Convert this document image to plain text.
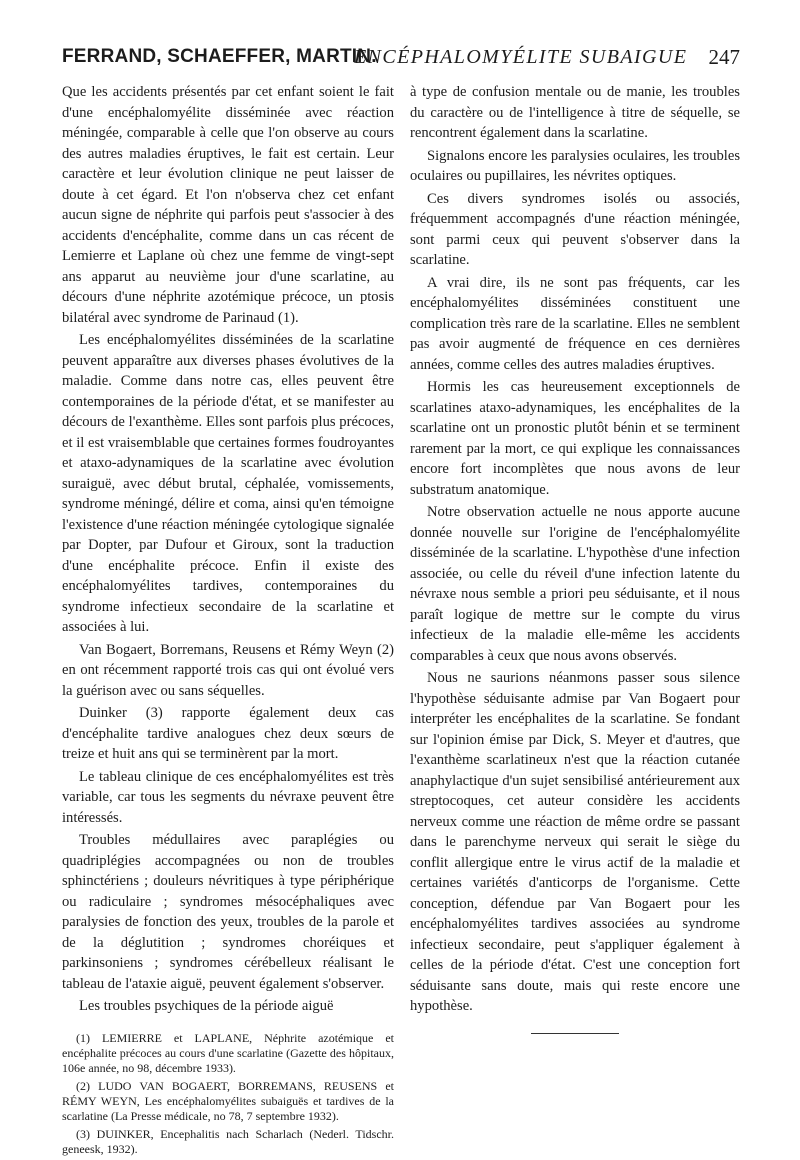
FERRAND, SCHAEFFER, MARTIN.
ENCÉPHALOMYÉLITE SUBAIGUE 247

Que les accidents présentés par cet enfant soient le fait d'une encéphalomyélite disséminée avec réaction méningée, comparable à celle que l'on observe au cours des autres maladies éruptives, le fait est certain. Leur caractère et leur évolution clinique ne peut laisser de doute à cet égard. Et l'on n'observa chez cet enfant aucun signe de néphrite qui parfois peut s'associer à des accidents d'encéphalite, comme dans un cas récent de Lemierre et Laplane où chez une femme de vingt-sept ans apparut au neuvième jour d'une scarlatine, au décours d'une néphrite azotémique précoce, un ptosis bilatéral avec syndrome de Parinaud (1).

Les encéphalomyélites disséminées de la scarlatine peuvent apparaître aux diverses phases évolutives de la maladie. Comme dans notre cas, elles peuvent être contemporaines de la période d'état, et se manifester au décours de l'exanthème. Elles sont parfois plus précoces, et il est vraisemblable que certaines formes foudroyantes et ataxo-adynamiques de la scarlatine avec évolution suraiguë, avec début brutal, céphalée, vomissements, syndrome méningé, délire et coma, ainsi qu'en témoigne l'existence d'une réaction méningée cytologique signalée par Dopter, par Dufour et Giroux, sont la traduction d'une encéphalite précoce. Enfin il existe des encéphalomyélites tardives, contemporaines du syndrome infectieux secondaire de la scarlatine et associées à lui.

Van Bogaert, Borremans, Reusens et Rémy Weyn (2) en ont récemment rapporté trois cas qui ont évolué vers la guérison avec ou sans séquelles.

Duinker (3) rapporte également deux cas d'encéphalite tardive analogues chez deux sœurs de treize et huit ans qui se terminèrent par la mort.

Le tableau clinique de ces encéphalomyélites est très variable, car tous les segments du névraxe peuvent être intéressés.

Troubles médullaires avec paraplégies ou quadriplégies accompagnées ou non de troubles sphinctériens ; douleurs névritiques à type périphérique ou radiculaire ; syndromes mésocéphaliques avec paralysies de fonction des yeux, troubles de la parole et de la déglutition ; syndromes choréiques et parkinsoniens ; syndromes cérébelleux réalisant le tableau de l'ataxie aiguë, peuvent également s'observer.

Les troubles psychiques de la période aiguë

(1) LEMIERRE et LAPLANE, Néphrite azotémique et encéphalite précoces au cours d'une scarlatine (Gazette des hôpitaux, 106e année, no 98, décembre 1933).

(2) LUDO VAN BOGAERT, BORREMANS, REUSENS et RÉMY WEYN, Les encéphalomyélites subaiguës et tardives de la scarlatine (La Presse médicale, no 78, 7 septembre 1932).

(3) DUINKER, Encephalitis nach Scharlach (Nederl. Tidschr. geneesk, 1932).

à type de confusion mentale ou de manie, les troubles du caractère ou de l'intelligence à titre de séquelle, se rencontrent également dans la scarlatine.

Signalons encore les paralysies oculaires, les troubles oculaires ou pupillaires, les névrites optiques.

Ces divers syndromes isolés ou associés, fréquemment accompagnés d'une réaction méningée, sont parmi ceux qui peuvent s'observer dans la scarlatine.

A vrai dire, ils ne sont pas fréquents, car les encéphalomyélites disséminées constituent une complication très rare de la scarlatine. Elles ne semblent pas avoir augmenté de fréquence en ces dernières années, comme celles des autres maladies éruptives.

Hormis les cas heureusement exceptionnels de scarlatines ataxo-adynamiques, les encéphalites de la scarlatine ont un pronostic plutôt bénin et se terminent rarement par la mort, ce qui explique les connaissances encore fort incomplètes que nous avons de leur substratum anatomique.

Notre observation actuelle ne nous apporte aucune donnée nouvelle sur l'origine de l'encéphalomyélite disséminée de la scarlatine. L'hypothèse d'une infection associée, ou celle du réveil d'une infection latente du névraxe nous semble a priori peu séduisante, et il nous paraît logique de mettre sur le compte du virus infectieux de la maladie elle-même les accidents comparables à ceux que nous avons observés.

Nous ne saurions néanmons passer sous silence l'hypothèse séduisante admise par Van Bogaert pour interpréter les encéphalites de la scarlatine. Se fondant sur l'opinion émise par Dick, S. Meyer et d'autres, que l'exanthème scarlatineux n'est que la réaction cutanée anaphylactique d'un sujet sensibilisé antérieurement aux streptocoques, cet auteur considère les accidents nerveux comme une réaction de même ordre se passant dans le parenchyme nerveux qui serait le siège du conflit allergique entre le virus actif de la maladie et certaines variétés d'anticorps de l'organisme. Cette conception, défendue par Van Bogaert pour les encéphalomyélites tardives associées au syndrome infectieux secondaire, peut s'appliquer également à celles de la période d'état. C'est une conception fort séduisante sans doute, mais qui reste encore une hypothèse.
